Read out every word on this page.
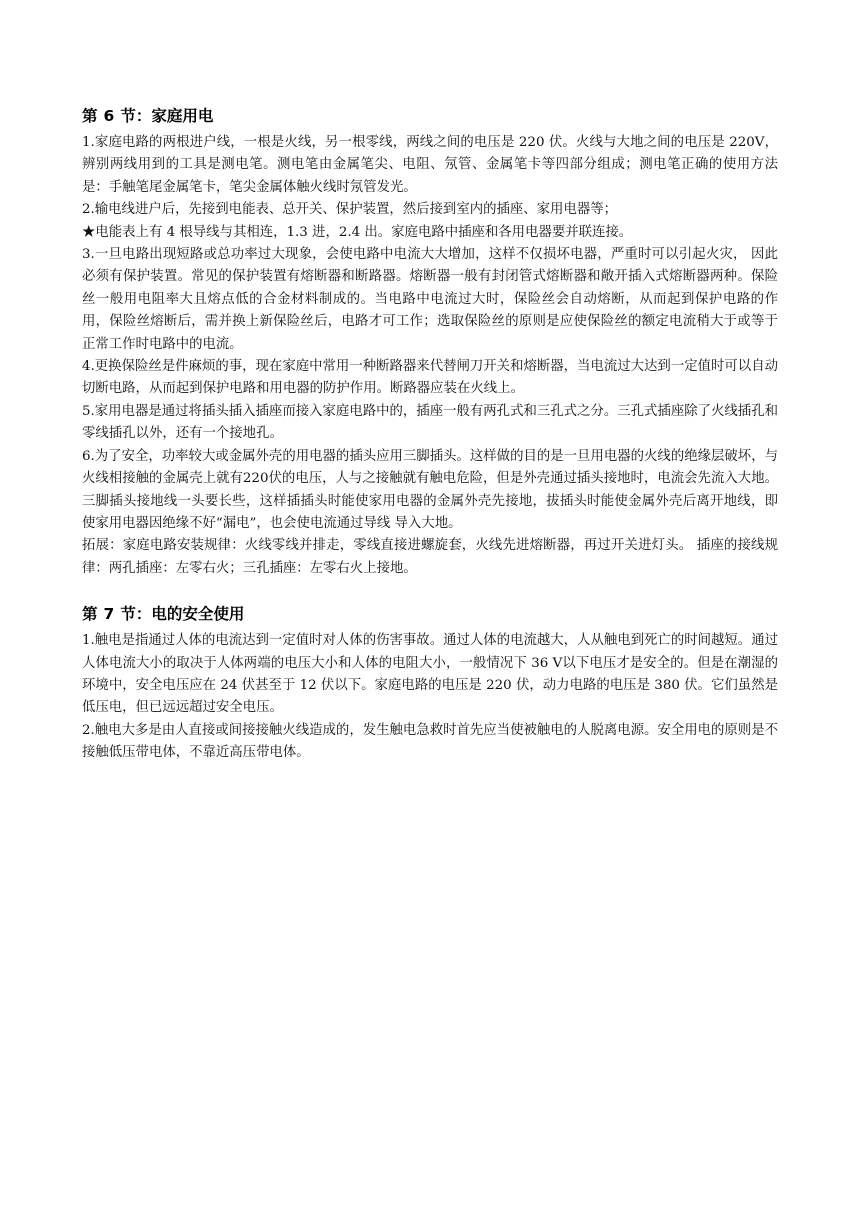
第 6 节：家庭用电

1.家庭电路的两根进户线，一根是火线，另一根零线，两线之间的电压是 220 伏。火线与大地之间的电压是 220V，辨别两线用到的工具是测电笔。测电笔由金属笔尖、电阻、氖管、金属笔卡等四部分组成；测电笔正确的使用方法是：手触笔尾金属笔卡，笔尖金属体触火线时氖管发光。

2.输电线进户后，先接到电能表、总开关、保护装置，然后接到室内的插座、家用电器等；

★电能表上有 4 根导线与其相连，1.3 进，2.4 出。家庭电路中插座和各用电器要并联连接。

3.一旦电路出现短路或总功率过大现象，会使电路中电流大大增加，这样不仅损坏电器，严重时可以引起火灾， 因此必须有保护装置。常见的保护装置有熔断器和断路器。熔断器一般有封闭管式熔断器和敞开插入式熔断器两种。保险丝一般用电阻率大且熔点低的合金材料制成的。当电路中电流过大时，保险丝会自动熔断，从而起到保护电路的作用，保险丝熔断后，需并换上新保险丝后，电路才可工作；选取保险丝的原则是应使保险丝的额定电流稍大于或等于正常工作时电路中的电流。

4.更换保险丝是件麻烦的事，现在家庭中常用一种断路器来代替闸刀开关和熔断器，当电流过大达到一定值时可以自动切断电路，从而起到保护电路和用电器的防护作用。断路器应装在火线上。

5.家用电器是通过将插头插入插座而接入家庭电路中的，插座一般有两孔式和三孔式之分。三孔式插座除了火线插孔和零线插孔以外，还有一个接地孔。

6.为了安全，功率较大或金属外壳的用电器的插头应用三脚插头。这样做的目的是一旦用电器的火线的绝缘层破坏，与火线相接触的金属壳上就有220伏的电压，人与之接触就有触电危险，但是外壳通过插头接地时，电流会先流入大地。三脚插头接地线一头要长些，这样插插头时能使家用电器的金属外壳先接地，拔插头时能使金属外壳后离开地线，即使家用电器因绝缘不好“漏电”，也会使电流通过导线 导入大地。

拓展：家庭电路安装规律：火线零线并排走，零线直接进螺旋套，火线先进熔断器，再过开关进灯头。 插座的接线规律：两孔插座：左零右火；三孔插座：左零右火上接地。

第 7 节：电的安全使用

1.触电是指通过人体的电流达到一定值时对人体的伤害事故。通过人体的电流越大，人从触电到死亡的时间越短。通过人体电流大小的取决于人体两端的电压大小和人体的电阻大小，一般情况下 36 V以下电压才是安全的。但是在潮湿的环境中，安全电压应在 24 伏甚至于 12 伏以下。家庭电路的电压是 220 伏，动力电路的电压是 380 伏。它们虽然是低压电，但已远远超过安全电压。

2.触电大多是由人直接或间接接触火线造成的，发生触电急救时首先应当使被触电的人脱离电源。安全用电的原则是不接触低压带电体，不靠近高压带电体。
